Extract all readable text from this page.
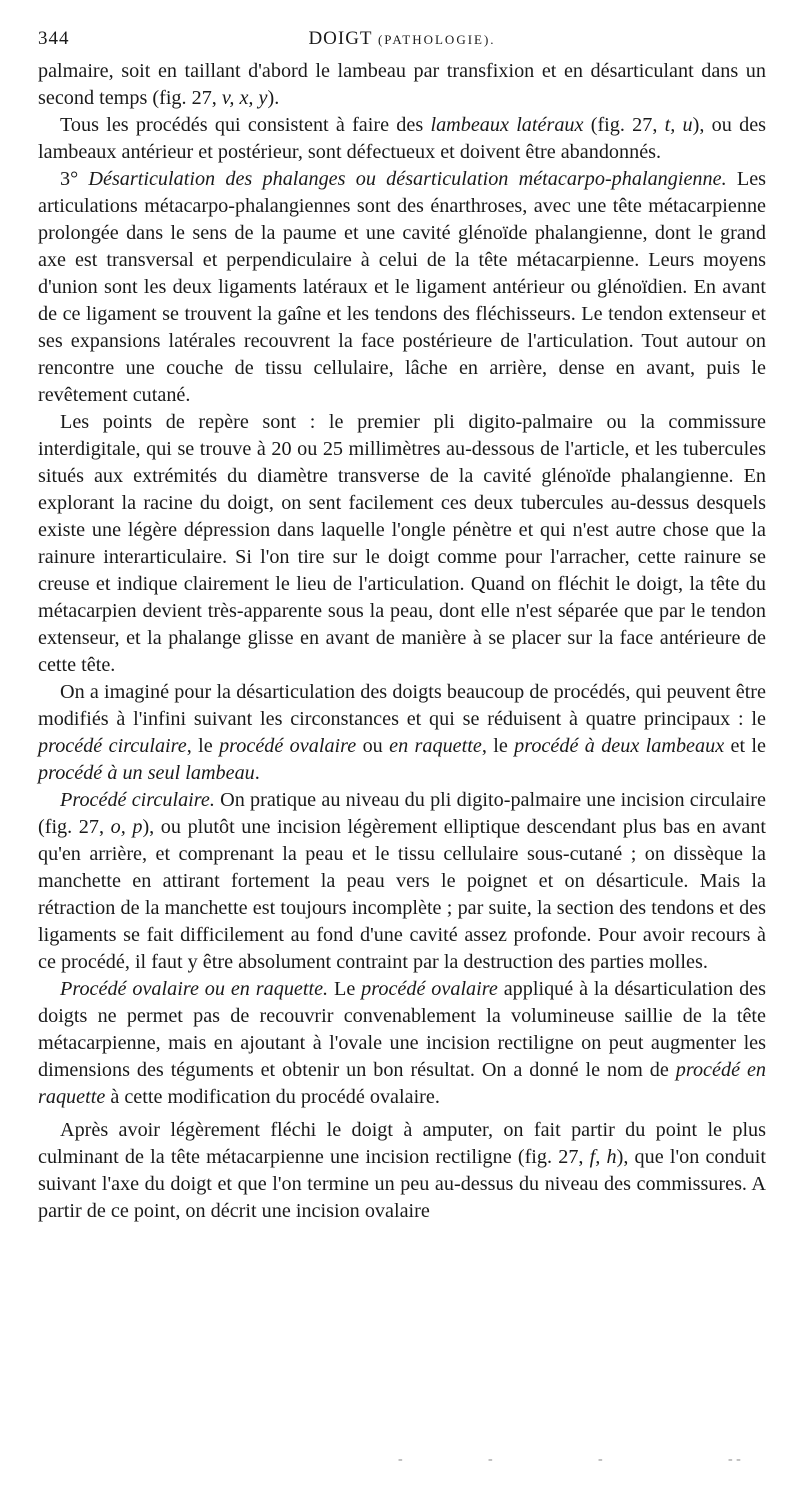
344	DOIGT (PATHOLOGIE).

palmaire, soit en taillant d'abord le lambeau par transfixion et en désarticulant dans un second temps (fig. 27, v, x, y).

Tous les procédés qui consistent à faire des lambeaux latéraux (fig. 27, t, u), ou des lambeaux antérieur et postérieur, sont défectueux et doivent être abandonnés.

3° Désarticulation des phalanges ou désarticulation métacarpo-phalangienne. Les articulations métacarpo-phalangiennes sont des énarthroses, avec une tête métacarpienne prolongée dans le sens de la paume et une cavité glénoïde phalangienne, dont le grand axe est transversal et perpendiculaire à celui de la tête métacarpienne. Leurs moyens d'union sont les deux ligaments latéraux et le ligament antérieur ou glénoïdien. En avant de ce ligament se trouvent la gaîne et les tendons des fléchisseurs. Le tendon extenseur et ses expansions latérales recouvrent la face postérieure de l'articulation. Tout autour on rencontre une couche de tissu cellulaire, lâche en arrière, dense en avant, puis le revêtement cutané.

Les points de repère sont : le premier pli digito-palmaire ou la commissure interdigitale, qui se trouve à 20 ou 25 millimètres au-dessous de l'article, et les tubercules situés aux extrémités du diamètre transverse de la cavité glénoïde phalangienne. En explorant la racine du doigt, on sent facilement ces deux tubercules au-dessus desquels existe une légère dépression dans laquelle l'ongle pénètre et qui n'est autre chose que la rainure interarticulaire. Si l'on tire sur le doigt comme pour l'arracher, cette rainure se creuse et indique clairement le lieu de l'articulation. Quand on fléchit le doigt, la tête du métacarpien devient très-apparente sous la peau, dont elle n'est séparée que par le tendon extenseur, et la phalange glisse en avant de manière à se placer sur la face antérieure de cette tête.

On a imaginé pour la désarticulation des doigts beaucoup de procédés, qui peuvent être modifiés à l'infini suivant les circonstances et qui se réduisent à quatre principaux : le procédé circulaire, le procédé ovalaire ou en raquette, le procédé à deux lambeaux et le procédé à un seul lambeau.

Procédé circulaire. On pratique au niveau du pli digito-palmaire une incision circulaire (fig. 27, o, p), ou plutôt une incision légèrement elliptique descendant plus bas en avant qu'en arrière, et comprenant la peau et le tissu cellulaire sous-cutané ; on dissèque la manchette en attirant fortement la peau vers le poignet et on désarticule. Mais la rétraction de la manchette est toujours incomplète ; par suite, la section des tendons et des ligaments se fait difficilement au fond d'une cavité assez profonde. Pour avoir recours à ce procédé, il faut y être absolument contraint par la destruction des parties molles.

Procédé ovalaire ou en raquette. Le procédé ovalaire appliqué à la désarticulation des doigts ne permet pas de recouvrir convenablement la volumineuse saillie de la tête métacarpienne, mais en ajoutant à l'ovale une incision rectiligne on peut augmenter les dimensions des téguments et obtenir un bon résultat. On a donné le nom de procédé en raquette à cette modification du procédé ovalaire.

Après avoir légèrement fléchi le doigt à amputer, on fait partir du point le plus culminant de la tête métacarpienne une incision rectiligne (fig. 27, f, h), que l'on conduit suivant l'axe du doigt et que l'on termine un peu au-dessus du niveau des commissures. A partir de ce point, on décrit une incision ovalaire

-	-	-	- -
